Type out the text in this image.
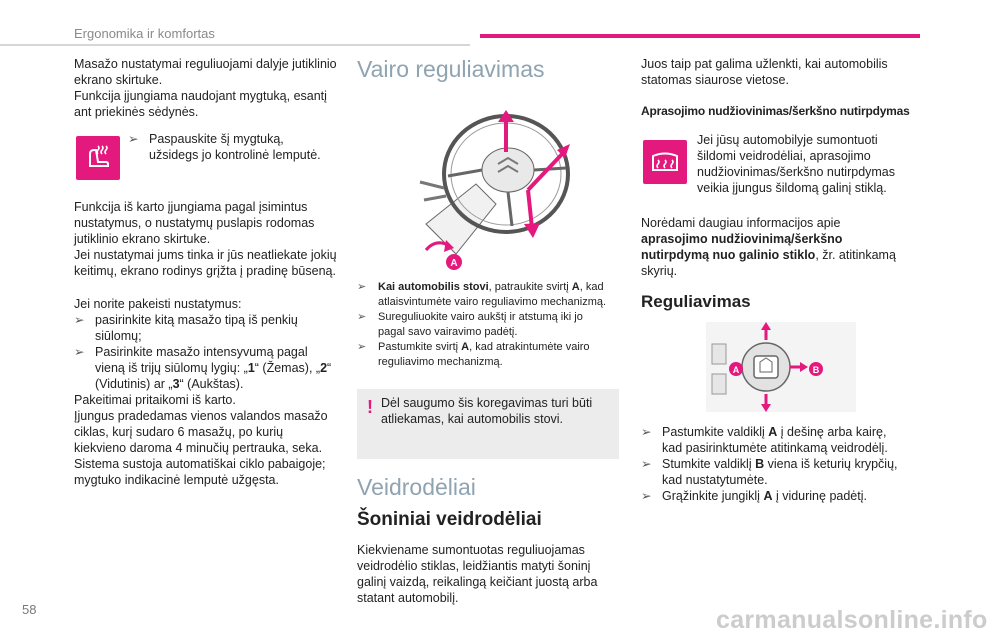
Ergonomika ir komfortas
58	carmanualsonline.info
Masažo nustatymai reguliuojami dalyje jutiklinio
ekrano skirtuke.
Funkcija įjungiama naudojant mygtuką, esantį
ant priekinės sėdynės.
➢ Paspauskite šį mygtuką,
užsidegs jo kontrolinė lemputė.
Funkcija iš karto įjungiama pagal įsimintus
nustatymus, o nustatymų puslapis rodomas
jutiklinio ekrano skirtuke.
Jei nustatymai jums tinka ir jūs neatliekate jokių
keitimų, ekrano rodinys grįžta į pradinę būseną.
Jei norite pakeisti nustatymus:
➢ pasirinkite kitą masažo tipą iš penkių
siūlomų;
➢ Pasirinkite masažo intensyvumą pagal
vieną iš trijų siūlomų lygių: „1“ (Žemas), „2“
(Vidutinis) ar „3“ (Aukštas).
Pakeitimai pritaikomi iš karto.
Įjungus pradedamas vienos valandos masažo
ciklas, kurį sudaro 6 masažų, po kurių
kiekvieno daroma 4 minučių pertrauka, seka.
Sistema sustoja automatiškai ciklo pabaigoje;
mygtuko indikacinė lemputė užgęsta.
Vairo reguliavimas
A
➢ Kai automobilis stovi, patraukite svirtį A, kad
atlaisvintumėte vairo reguliavimo mechanizmą.
➢ Sureguliuokite vairo aukštį ir atstumą iki jo
pagal savo vairavimo padėtį.
➢ Pastumkite svirtį A, kad atrakintumėte vairo
reguliavimo mechanizmą.
! Dėl saugumo šis koregavimas turi būti
atliekamas, kai automobilis stovi.
Veidrodėliai
Šoniniai veidrodėliai
Kiekviename sumontuotas reguliuojamas
veidrodėlio stiklas, leidžiantis matyti šoninį
galinį vaizdą, reikalingą keičiant juostą arba
statant automobilį.
Juos taip pat galima užlenkti, kai automobilis
statomas siaurose vietose.
Aprasojimo nudžiovinimas/šerkšno nutirpdymas
Jei jūsų automobilyje sumontuoti
šildomi veidrodėliai, aprasojimo
nudžiovinimas/šerkšno nutirpdymas
veikia įjungus šildomą galinį stiklą.
Norėdami daugiau informacijos apie
aprasojimo nudžiovinimą/šerkšno
nutirpdymą nuo galinio stiklo, žr. atitinkamą
skyrių.
Reguliavimas
A	B
➢ Pastumkite valdiklį A į dešinę arba kairę,
kad pasirinktumėte atitinkamą veidrodėlį.
➢ Stumkite valdiklį B viena iš keturių krypčių,
kad nustatytumėte.
➢ Grąžinkite jungiklį A į vidurinę padėtį.
